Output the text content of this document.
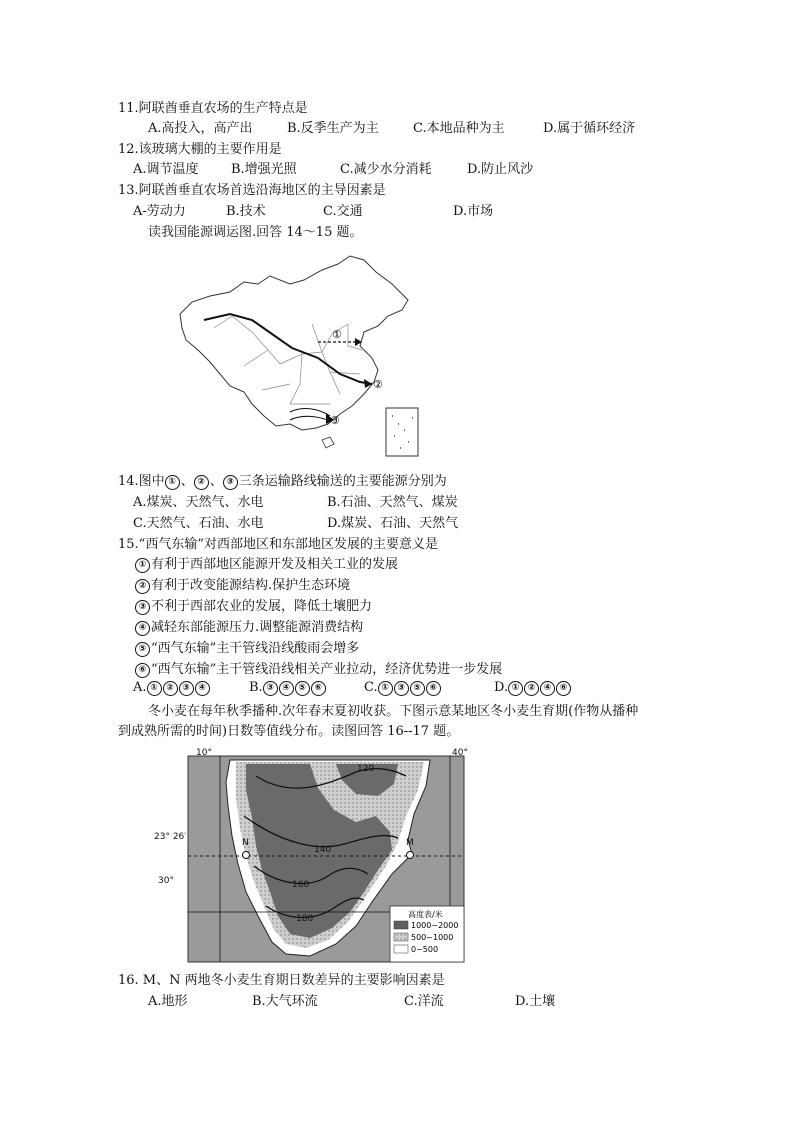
11.阿联酋垂直农场的生产特点是
A.高投入，高产出	B.反季生产为主	C.本地品种为主	D.属于循环经济
12.该玻璃大棚的主要作用是
A.调节温度 B.增强光照	C.减少水分消耗	D.防止风沙
13.阿联酋垂直农场首选沿海地区的主导因素是
A-劳动力	B.技术	C.交通	D.市场
读我国能源调运图.回答 14～15 题。
①
②
③
14.图中 ① 、 ② 、 ③ 三条运输路线输送的主要能源分别为
A.煤炭、天然气、水电	B.石油、天然气、煤炭
C.天然气、石油、水电	D.煤炭、石油、天然气
15.“西气东输”对西部地区和东部地区发展的主要意义是
① 有利于西部地区能源开发及相关工业的发展
② 有利于改变能源结构.保护生态环境
③ 不利于西部农业的发展，降低土壤肥力
④ 减轻东部能源压力.调整能源消费结构
⑤ “西气东输”主干管线沿线酸雨会增多
⑥ “西气东输”主干管线沿线相关产业拉动，经济优势进一步发展
A. ① ② ③ ④	B. ③ ④ ⑤ ⑥	C. ① ③ ⑤ ⑥	D. ① ② ④ ⑥
冬小麦在每年秋季播种.次年春末夏初收获。下图示意某地区冬小麦生育期(作物从播种
到成熟所需的时间)日数等值线分布。读图回答 16--17 题。
10°	40°
23° 26′
30°
120
140
160
180
N	M
高度表/米
1000~2000
500~1000
0~500
16. M、N 两地冬小麦生育期日数差异的主要影响因素是
A.地形	B.大气环流	C.洋流	D.土壤
